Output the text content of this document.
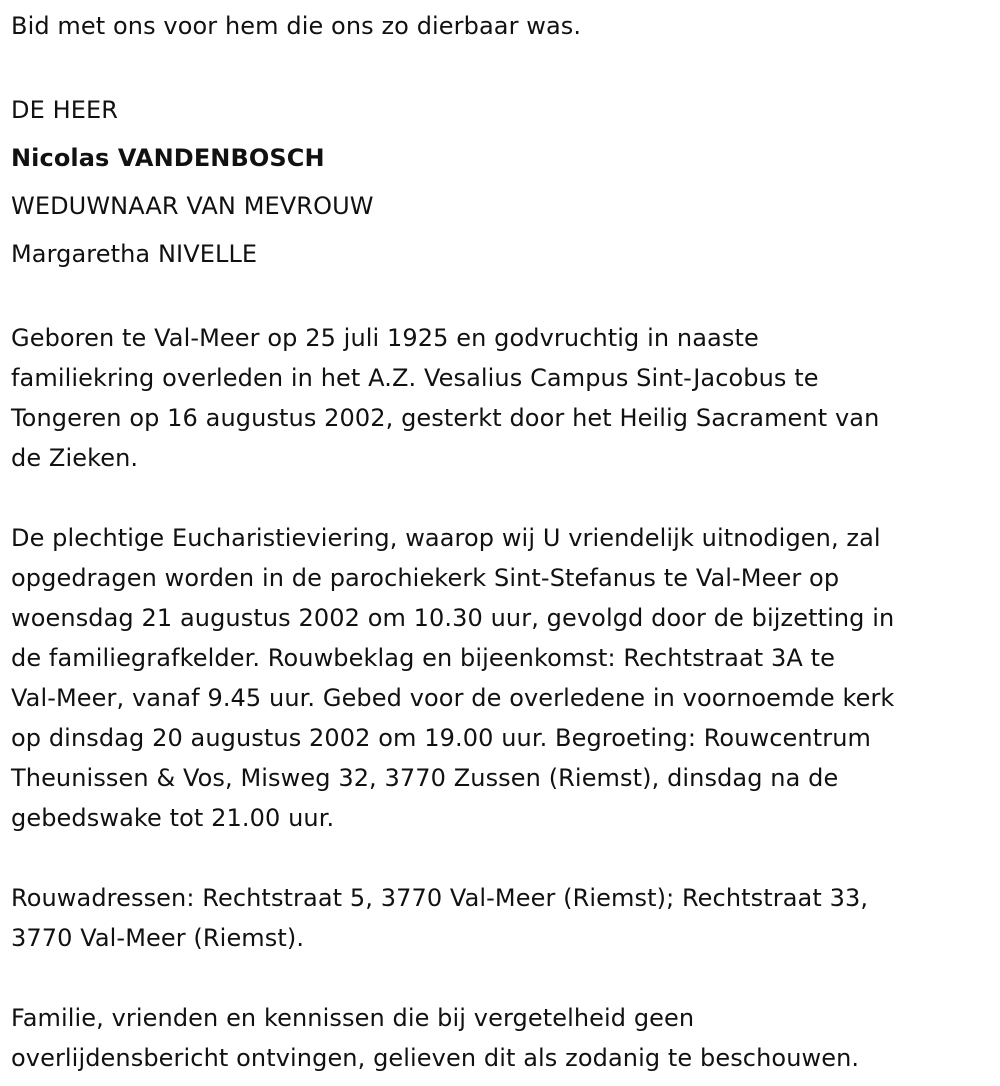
Bid met ons voor hem die ons zo dierbaar was.

DE HEER

Nicolas VANDENBOSCH

WEDUWNAAR VAN MEVROUW

Margaretha NIVELLE

Geboren te Val-Meer op 25 juli 1925 en godvruchtig in naaste

familiekring overleden in het A.Z. Vesalius Campus Sint-Jacobus te

Tongeren op 16 augustus 2002, gesterkt door het Heilig Sacrament van

de Zieken.

De plechtige Eucharistieviering, waarop wij U vriendelijk uitnodigen, zal

opgedragen worden in de parochiekerk Sint-Stefanus te Val-Meer op

woensdag 21 augustus 2002 om 10.30 uur, gevolgd door de bijzetting in

de familiegrafkelder. Rouwbeklag en bijeenkomst: Rechtstraat 3A te

Val-Meer, vanaf 9.45 uur. Gebed voor de overledene in voornoemde kerk

op dinsdag 20 augustus 2002 om 19.00 uur. Begroeting: Rouwcentrum

Theunissen & Vos, Misweg 32, 3770 Zussen (Riemst), dinsdag na de

gebedswake tot 21.00 uur.

Rouwadressen: Rechtstraat 5, 3770 Val-Meer (Riemst); Rechtstraat 33,

3770 Val-Meer (Riemst).

Familie, vrienden en kennissen die bij vergetelheid geen

overlijdensbericht ontvingen, gelieven dit als zodanig te beschouwen.
